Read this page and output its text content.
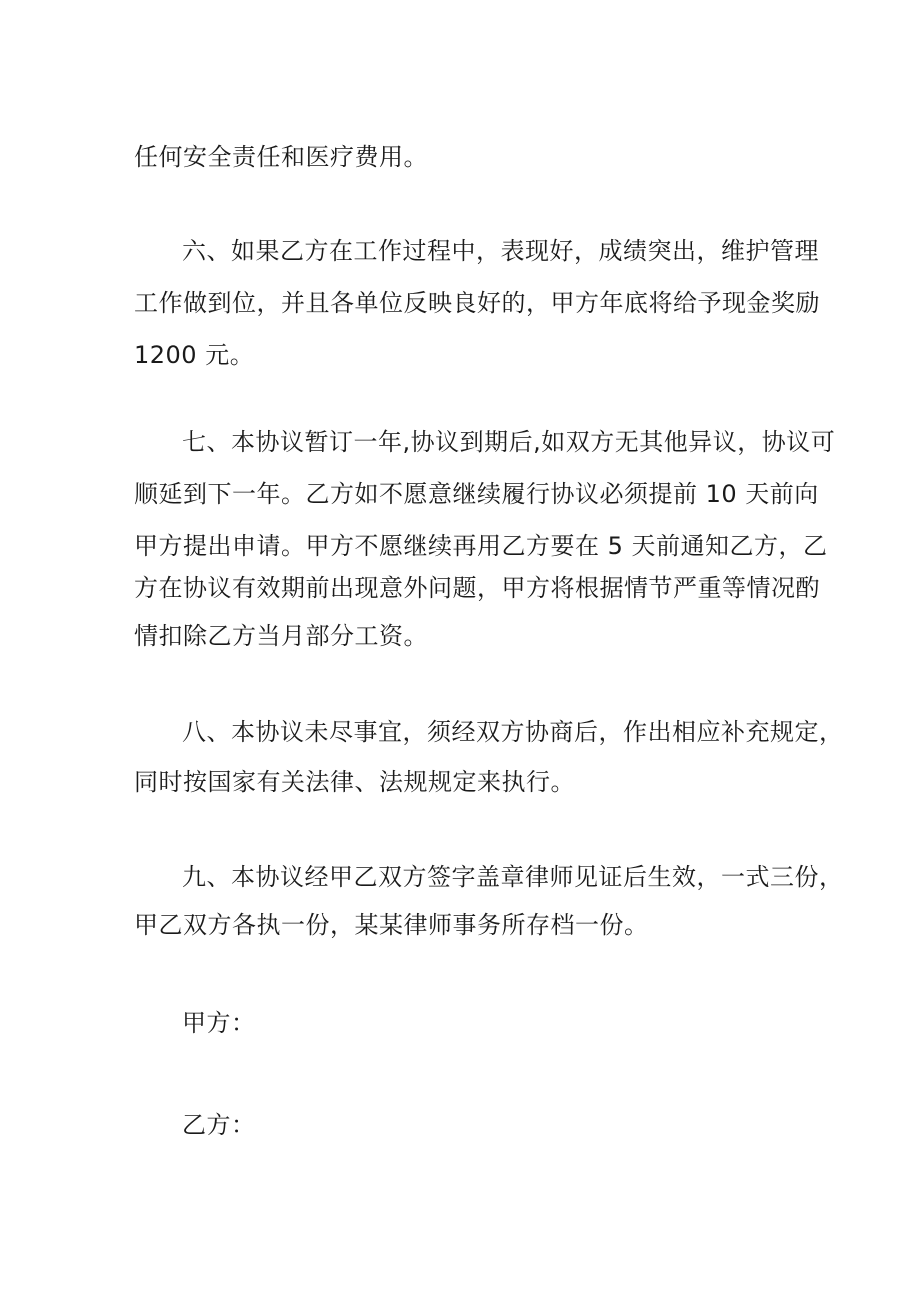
任何安全责任和医疗费用。
六、如果乙方在工作过程中，表现好，成绩突出，维护管理
工作做到位，并且各单位反映良好的，甲方年底将给予现金奖励
1200 元。
七、本协议暂订一年,协议到期后,如双方无其他异议，协议可
顺延到下一年。乙方如不愿意继续履行协议必须提前 10 天前向
甲方提出申请。甲方不愿继续再用乙方要在 5 天前通知乙方，乙
方在协议有效期前出现意外问题，甲方将根据情节严重等情况酌
情扣除乙方当月部分工资。
八、本协议未尽事宜，须经双方协商后，作出相应补充规定，
同时按国家有关法律、法规规定来执行。
九、本协议经甲乙双方签字盖章律师见证后生效，一式三份，
甲乙双方各执一份，某某律师事务所存档一份。
甲方：
乙方：
